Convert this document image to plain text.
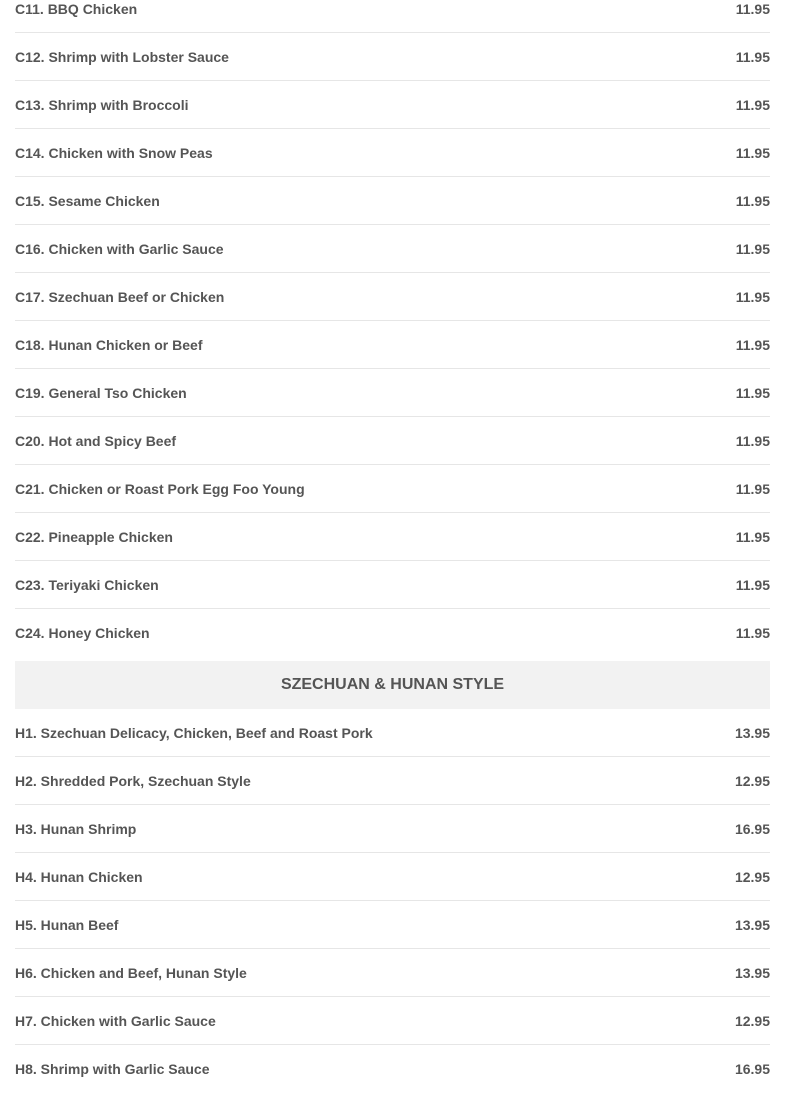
C11. BBQ Chicken	11.95
C12. Shrimp with Lobster Sauce	11.95
C13. Shrimp with Broccoli	11.95
C14. Chicken with Snow Peas	11.95
C15. Sesame Chicken	11.95
C16. Chicken with Garlic Sauce	11.95
C17. Szechuan Beef or Chicken	11.95
C18. Hunan Chicken or Beef	11.95
C19. General Tso Chicken	11.95
C20. Hot and Spicy Beef	11.95
C21. Chicken or Roast Pork Egg Foo Young	11.95
C22. Pineapple Chicken	11.95
C23. Teriyaki Chicken	11.95
C24. Honey Chicken	11.95
SZECHUAN & HUNAN STYLE
H1. Szechuan Delicacy, Chicken, Beef and Roast Pork	13.95
H2. Shredded Pork, Szechuan Style	12.95
H3. Hunan Shrimp	16.95
H4. Hunan Chicken	12.95
H5. Hunan Beef	13.95
H6. Chicken and Beef, Hunan Style	13.95
H7. Chicken with Garlic Sauce	12.95
H8. Shrimp with Garlic Sauce	16.95
